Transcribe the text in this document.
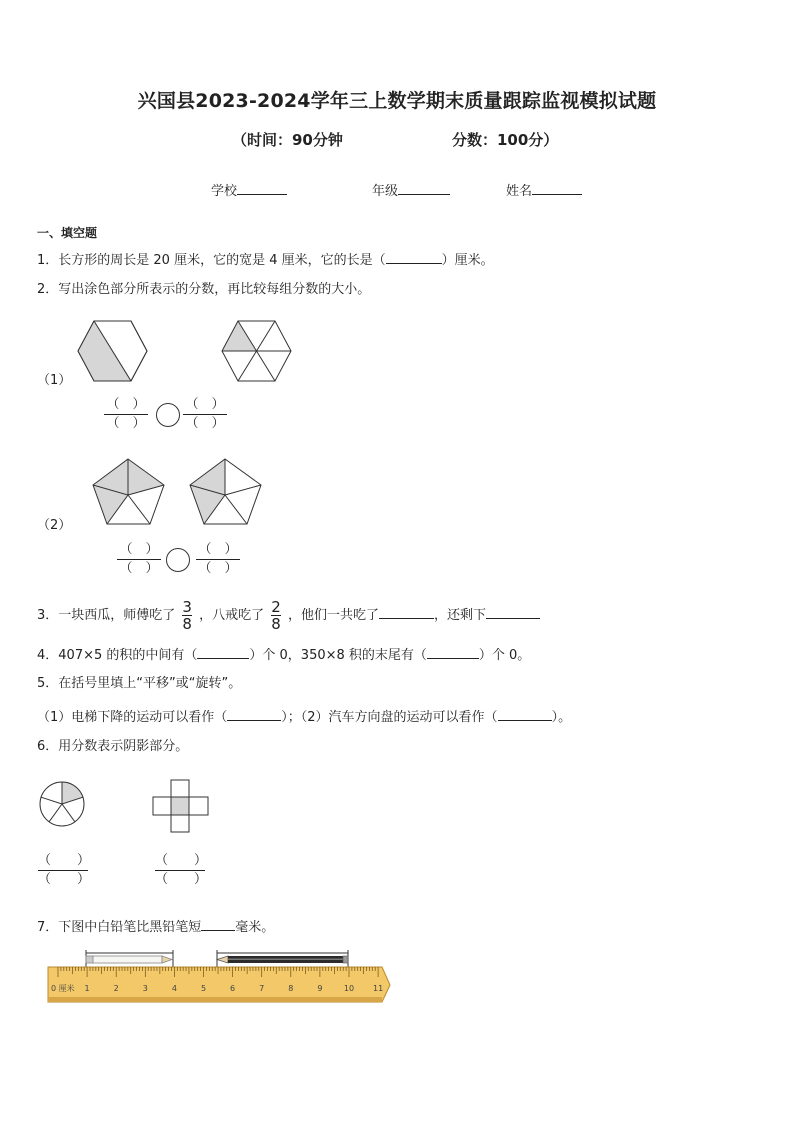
兴国县2023-2024学年三上数学期末质量跟踪监视模拟试题
（时间：90分钟	分数：100分）
学校	年级	姓名
一、填空题
1．长方形的周长是 20 厘米，它的宽是 4 厘米，它的长是（	）厘米。
2．写出涂色部分所表示的分数，再比较每组分数的大小。
（1）
（　）
（　）
（　）
（　）
（2）
（　）
（　）
（　）
（　）
3．一块西瓜，师傅吃了 $\frac{3}{8}$ ，八戒吃了 $\frac{2}{8}$ ，他们一共吃了	，还剩下
4．407×5 的积的中间有（	）个 0，350×8 积的末尾有（	）个 0。
5．在括号里填上“平移”或“旋转”。
（1）电梯下降的运动可以看作（	）；（2）汽车方向盘的运动可以看作（	）。
6．用分数表示阴影部分。
（　　）
（　　）
（　　）
（　　）
7．下图中白铅笔比黑铅笔短	毫米。
0 厘米 1	2	3	4	5	6	7	8	9	10 11
